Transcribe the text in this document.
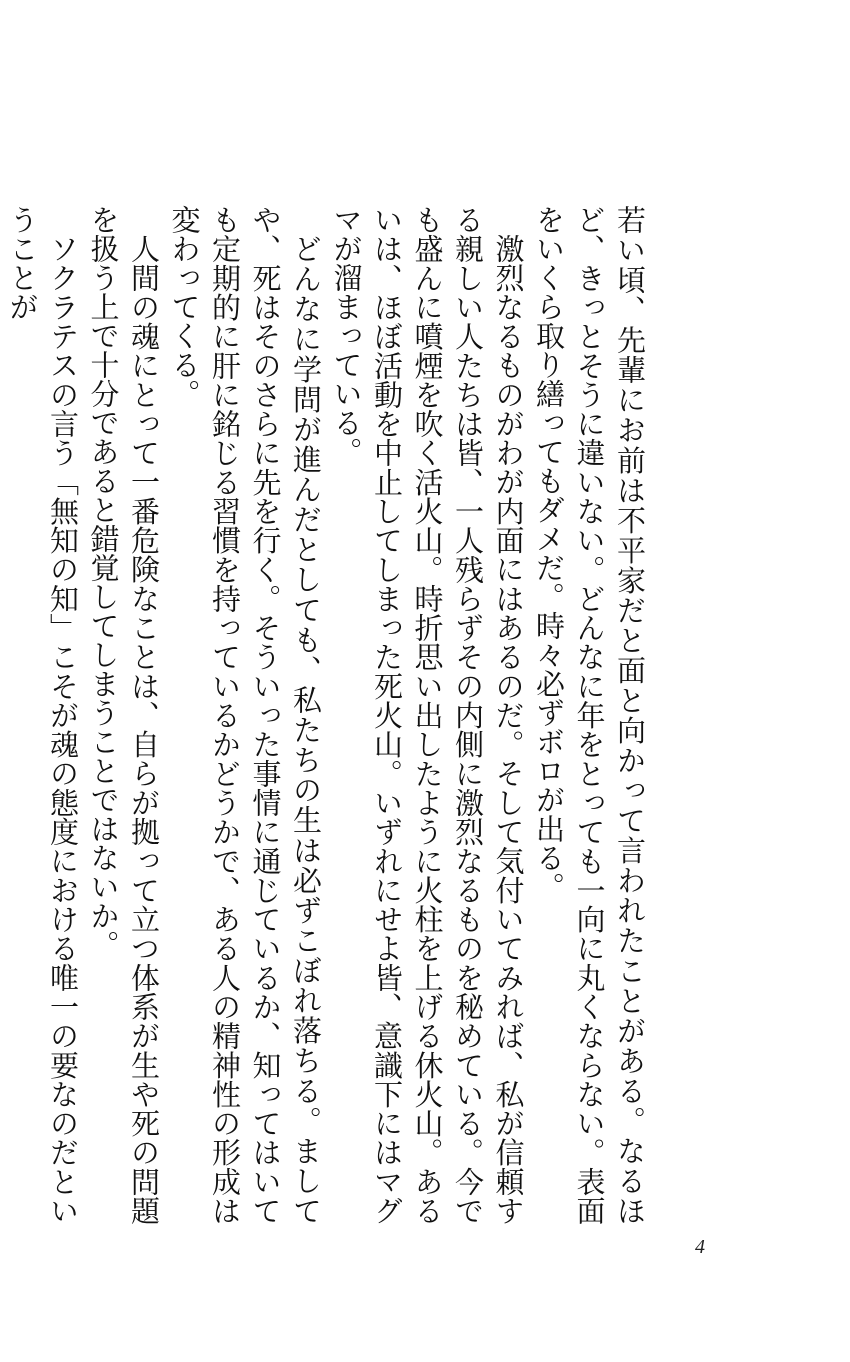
若い頃、先輩にお前は不平家だと面と向かって言われたことがある。なるほど、きっとそうに違いない。どんなに年をとっても一向に丸くならない。表面をいくら取り繕ってもダメだ。時々必ずボロが出る。

激烈なるものがわが内面にはあるのだ。そして気付いてみれば、私が信頼する親しい人たちは皆、一人残らずその内側に激烈なるものを秘めている。今でも盛んに噴煙を吹く活火山。時折思い出したように火柱を上げる休火山。あるいは、ほぼ活動を中止してしまった死火山。いずれにせよ皆、意識下にはマグマが溜まっている。

どんなに学問が進んだとしても、私たちの生は必ずこぼれ落ちる。ましてや、死はそのさらに先を行く。そういった事情に通じているか、知ってはいても定期的に肝に銘じる習慣を持っているかどうかで、ある人の精神性の形成は変わってくる。

人間の魂にとって一番危険なことは、自らが拠って立つ体系が生や死の問題を扱う上で十分であると錯覚してしまうことではないか。

ソクラテスの言う「無知の知」こそが魂の態度における唯一の要なのだということが

4
